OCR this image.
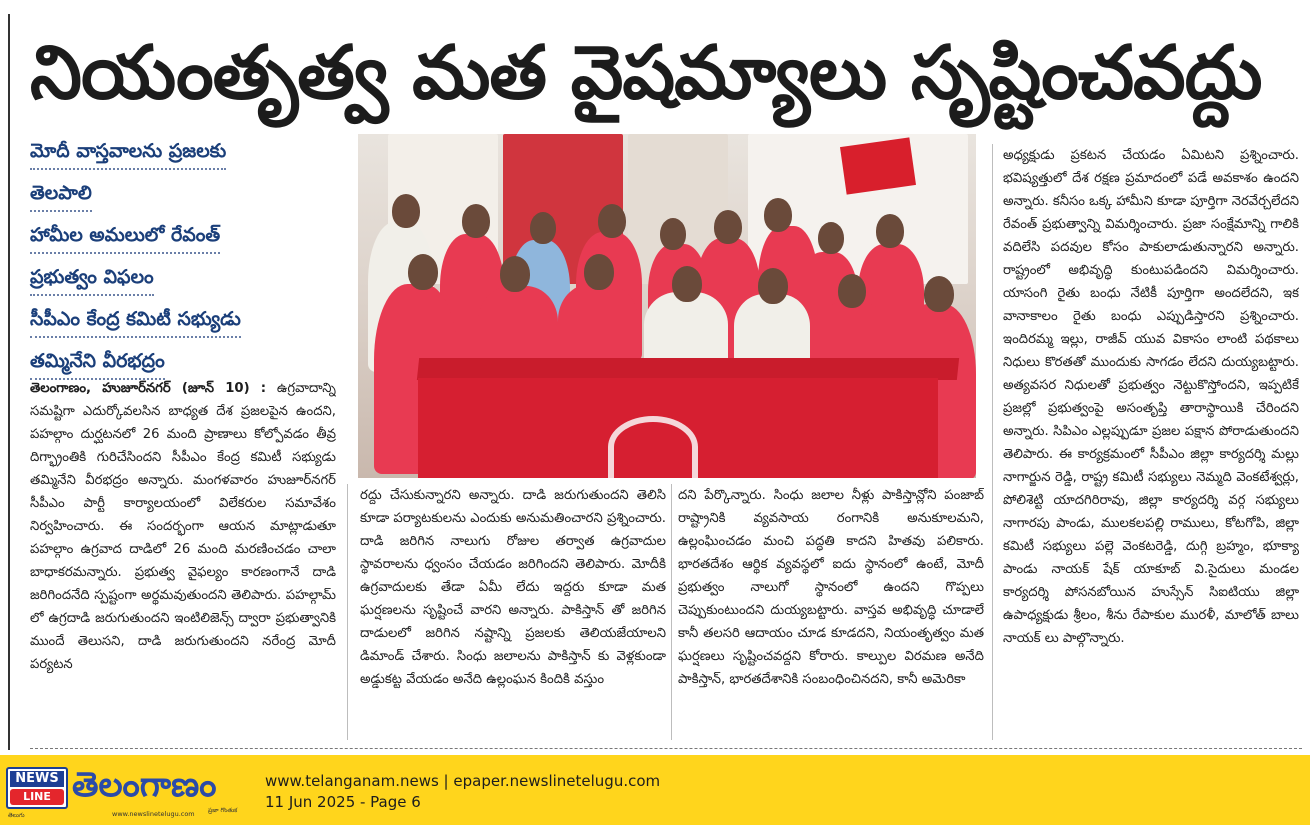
నియంతృత్వ మత వైషమ్యాలు సృష్టించవద్దు
మోదీ వాస్తవాలను ప్రజలకు
తెలపాలి
హామీల అమలులో రేవంత్
ప్రభుత్వం విఫలం
సీపీఎం కేంద్ర కమిటీ సభ్యుడు
తమ్మినేని వీరభద్రం

తెలంగాణం, హుజూర్‌నగర్ (జూన్ 10) : ఉగ్రవాదాన్ని సమష్టిగా ఎదుర్కోవలసిన బాధ్యత దేశ ప్రజలపైన ఉందని, పహల్గాం దుర్ఘటనలో 26 మంది ప్రాణాలు కోల్పోవడం తీవ్ర దిగ్భ్రాంతికి గురిచేసిందని సీపీఎం కేంద్ర కమిటీ సభ్యుడు తమ్మినేని వీరభద్రం అన్నారు. మంగళవారం హుజూర్‌నగర్ సీపీఎం పార్టీ కార్యాలయంలో విలేకరుల సమావేశం నిర్వహించారు. ఈ సందర్భంగా ఆయన మాట్లాడుతూ పహల్గాం ఉగ్రవాద దాడిలో 26 మంది మరణించడం చాలా బాధాకరమన్నారు. ప్రభుత్వ వైఫల్యం కారణంగానే దాడి జరిగిందనేది స్పష్టంగా అర్థమవుతుందని తెలిపారు. పహల్గామ్ లో ఉగ్రదాడి జరుగుతుందని ఇంటిలిజెన్స్ ద్వారా ప్రభుత్వానికి ముందే తెలుసని, దాడి జరుగుతుందని నరేంద్ర మోదీ పర్యటన

రద్దు చేసుకున్నారని అన్నారు. దాడి జరుగుతుందని తెలిసి కూడా పర్యాటకులను ఎందుకు అనుమతించారని ప్రశ్నించారు. దాడి జరిగిన నాలుగు రోజుల తర్వాత ఉగ్రవాదుల స్థావరాలను ధ్వంసం చేయడం జరిగిందని తెలిపారు. మోదీకి ఉగ్రవాదులకు తేడా ఏమీ లేదు ఇద్దరు కూడా మత ఘర్షణలను సృష్టించే వారని అన్నారు. పాకిస్తాన్ తో జరిగిన దాడులలో జరిగిన నష్టాన్ని ప్రజలకు తెలియజేయాలని డిమాండ్ చేశారు. సింధు జలాలను పాకిస్తాన్ కు వెళ్లకుండా అడ్డుకట్ట వేయడం అనేది ఉల్లంఘన కిందికి వస్తుం

దని పేర్కొన్నారు. సింధు జలాల నీళ్లు పాకిస్తాన్లోని పంజాబ్ రాష్ట్రానికి వ్యవసాయ రంగానికి అనుకూలమని, ఉల్లంఘించడం మంచి పద్ధతి కాదని హితవు పలికారు. భారతదేశం ఆర్థిక వ్యవస్థలో ఐదు స్థానంలో ఉంటే, మోదీ ప్రభుత్వం నాలుగో స్థానంలో ఉందని గొప్పలు చెప్పుకుంటుందని దుయ్యబట్టారు. వాస్తవ అభివృద్ధి చూడాలే కానీ తలసరి ఆదాయం చూడ కూడదని, నియంతృత్వం మత ఘర్షణలు సృష్టించవద్దని కోరారు. కాల్పుల విరమణ అనేది పాకిస్తాన్, భారతదేశానికి సంబంధించినదని, కానీ అమెరికా

అధ్యక్షుడు ప్రకటన చేయడం ఏమిటని ప్రశ్నించారు. భవిష్యత్తులో దేశ రక్షణ ప్రమాదంలో పడే అవకాశం ఉందని అన్నారు. కనీసం ఒక్క హామీని కూడా పూర్తిగా నెరవేర్చలేదని రేవంత్ ప్రభుత్వాన్ని విమర్శించారు. ప్రజా సంక్షేమాన్ని గాలికి వదిలేసి పదవుల కోసం పాకులాడుతున్నారని అన్నారు. రాష్ట్రంలో అభివృద్ధి కుంటుపడిందని విమర్శించారు. యాసంగి రైతు బంధు నేటికీ పూర్తిగా అందలేదని, ఇక వానాకాలం రైతు బంధు ఎప్పుడిస్తారని ప్రశ్నించారు. ఇందిరమ్మ ఇల్లు, రాజీవ్ యువ వికాసం లాంటి పథకాలు నిధులు కొరతతో ముందుకు సాగడం లేదని దుయ్యబట్టారు. అత్యవసర నిధులతో ప్రభుత్వం నెట్టుకొస్తోందని, ఇప్పటికే ప్రజల్లో ప్రభుత్వంపై అసంతృప్తి తారాస్థాయికి చేరిందని అన్నారు. సిపిఎం ఎల్లప్పుడూ ప్రజల పక్షాన పోరాడుతుందని తెలిపారు. ఈ కార్యక్రమంలో సీపీఎం జిల్లా కార్యదర్శి మల్లు నాగార్జున రెడ్డి, రాష్ట్ర కమిటీ సభ్యులు నెమ్మది వెంకటేశ్వర్లు, పోలిశెట్టి యాదగిరిరావు, జిల్లా కార్యదర్శి వర్గ సభ్యులు నాగారపు పాండు, ములకలపల్లి రాములు, కోటగోపి, జిల్లా కమిటీ సభ్యులు పల్లె వెంకటరెడ్డి, దుగ్గి బ్రహ్మం, భూక్యా పాండు నాయక్ షేక్ యాకూబ్ వి.సైదులు మండల కార్యదర్శి పోసనబోయిన హుస్సేన్ సిఐటియు జిల్లా ఉపాధ్యక్షుడు శ్రీలం, శీను రేపాకుల మురళీ, మాలోత్ బాలు నాయక్ లు పాల్గొన్నారు.

NEWS
LINE
తెలుగు
తెలంగాణం
ప్రజా గొంతుక
www.newslinetelugu.com
www.telanganam.news | epaper.newslinetelugu.com
11 Jun 2025 - Page 6
